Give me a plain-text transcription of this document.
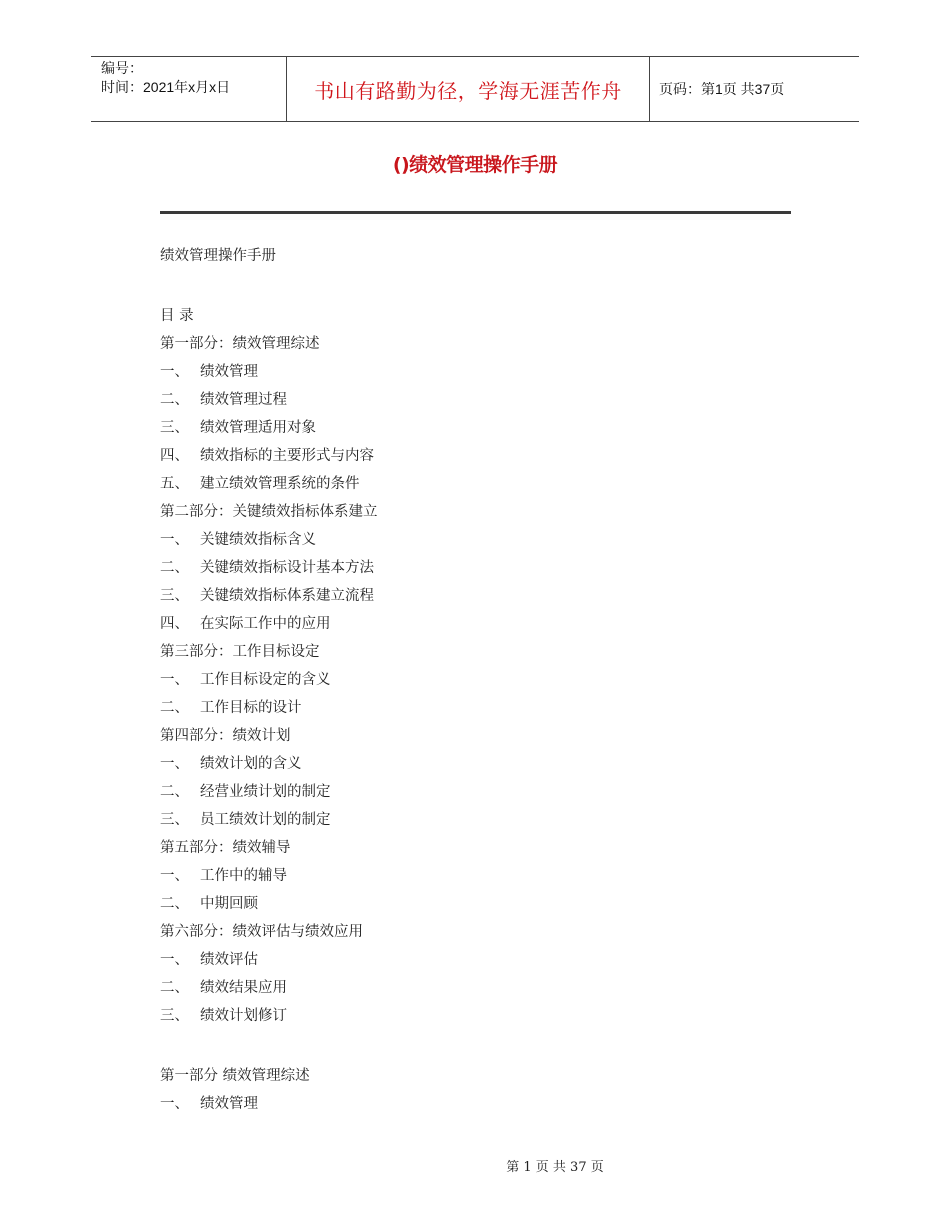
编号：
时间：2021年x月x日	书山有路勤为径，学海无涯苦作舟	页码：第1页 共37页
()绩效管理操作手册
绩效管理操作手册
目 录
第一部分：绩效管理综述
一、 绩效管理
二、 绩效管理过程
三、 绩效管理适用对象
四、 绩效指标的主要形式与内容
五、 建立绩效管理系统的条件
第二部分：关键绩效指标体系建立
一、 关键绩效指标含义
二、 关键绩效指标设计基本方法
三、 关键绩效指标体系建立流程
四、 在实际工作中的应用
第三部分：工作目标设定
一、 工作目标设定的含义
二、 工作目标的设计
第四部分：绩效计划
一、 绩效计划的含义
二、 经营业绩计划的制定
三、 员工绩效计划的制定
第五部分：绩效辅导
一、 工作中的辅导
二、 中期回顾
第六部分：绩效评估与绩效应用
一、 绩效评估
二、 绩效结果应用
三、 绩效计划修订
第一部分 绩效管理综述
一、 绩效管理
第 1 页 共 37 页
